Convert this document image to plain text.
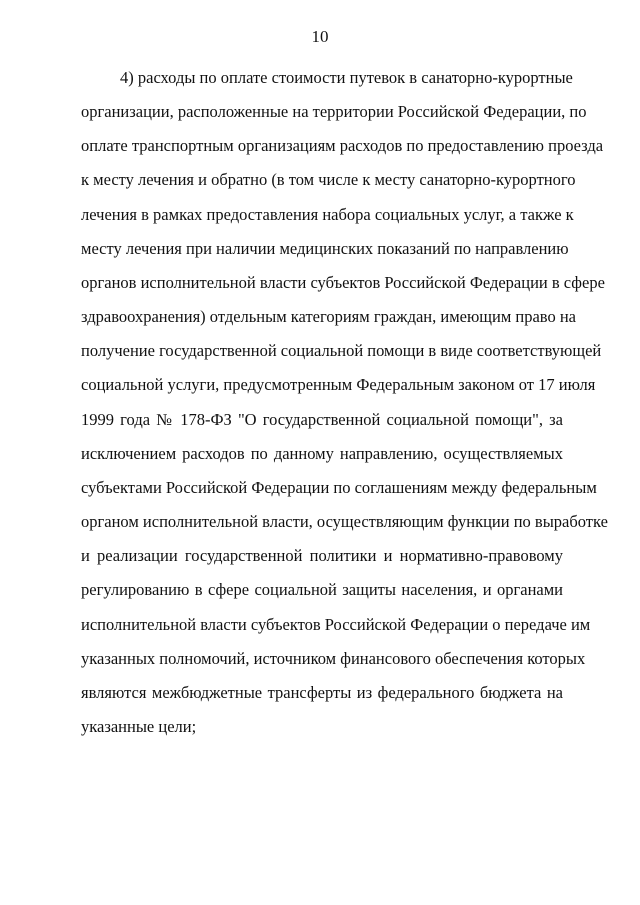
10
4) расходы по оплате стоимости путевок в санаторно-курортные
организации, расположенные на территории Российской Федерации, по
оплате транспортным организациям расходов по предоставлению проезда
к месту лечения и обратно (в том числе к месту санаторно-курортного
лечения в рамках предоставления набора социальных услуг, а также к
месту лечения при наличии медицинских показаний по направлению
органов исполнительной власти субъектов Российской Федерации в сфере
здравоохранения) отдельным категориям граждан, имеющим право на
получение государственной социальной помощи в виде соответствующей
социальной услуги, предусмотренным Федеральным законом от 17 июля
1999 года № 178-ФЗ "О государственной социальной помощи", за
исключением расходов по данному направлению, осуществляемых
субъектами Российской Федерации по соглашениям между федеральным
органом исполнительной власти, осуществляющим функции по выработке
и реализации государственной политики и нормативно-правовому
регулированию в сфере социальной защиты населения, и органами
исполнительной власти субъектов Российской Федерации о передаче им
указанных полномочий, источником финансового обеспечения которых
являются межбюджетные трансферты из федерального бюджета на
указанные цели;
